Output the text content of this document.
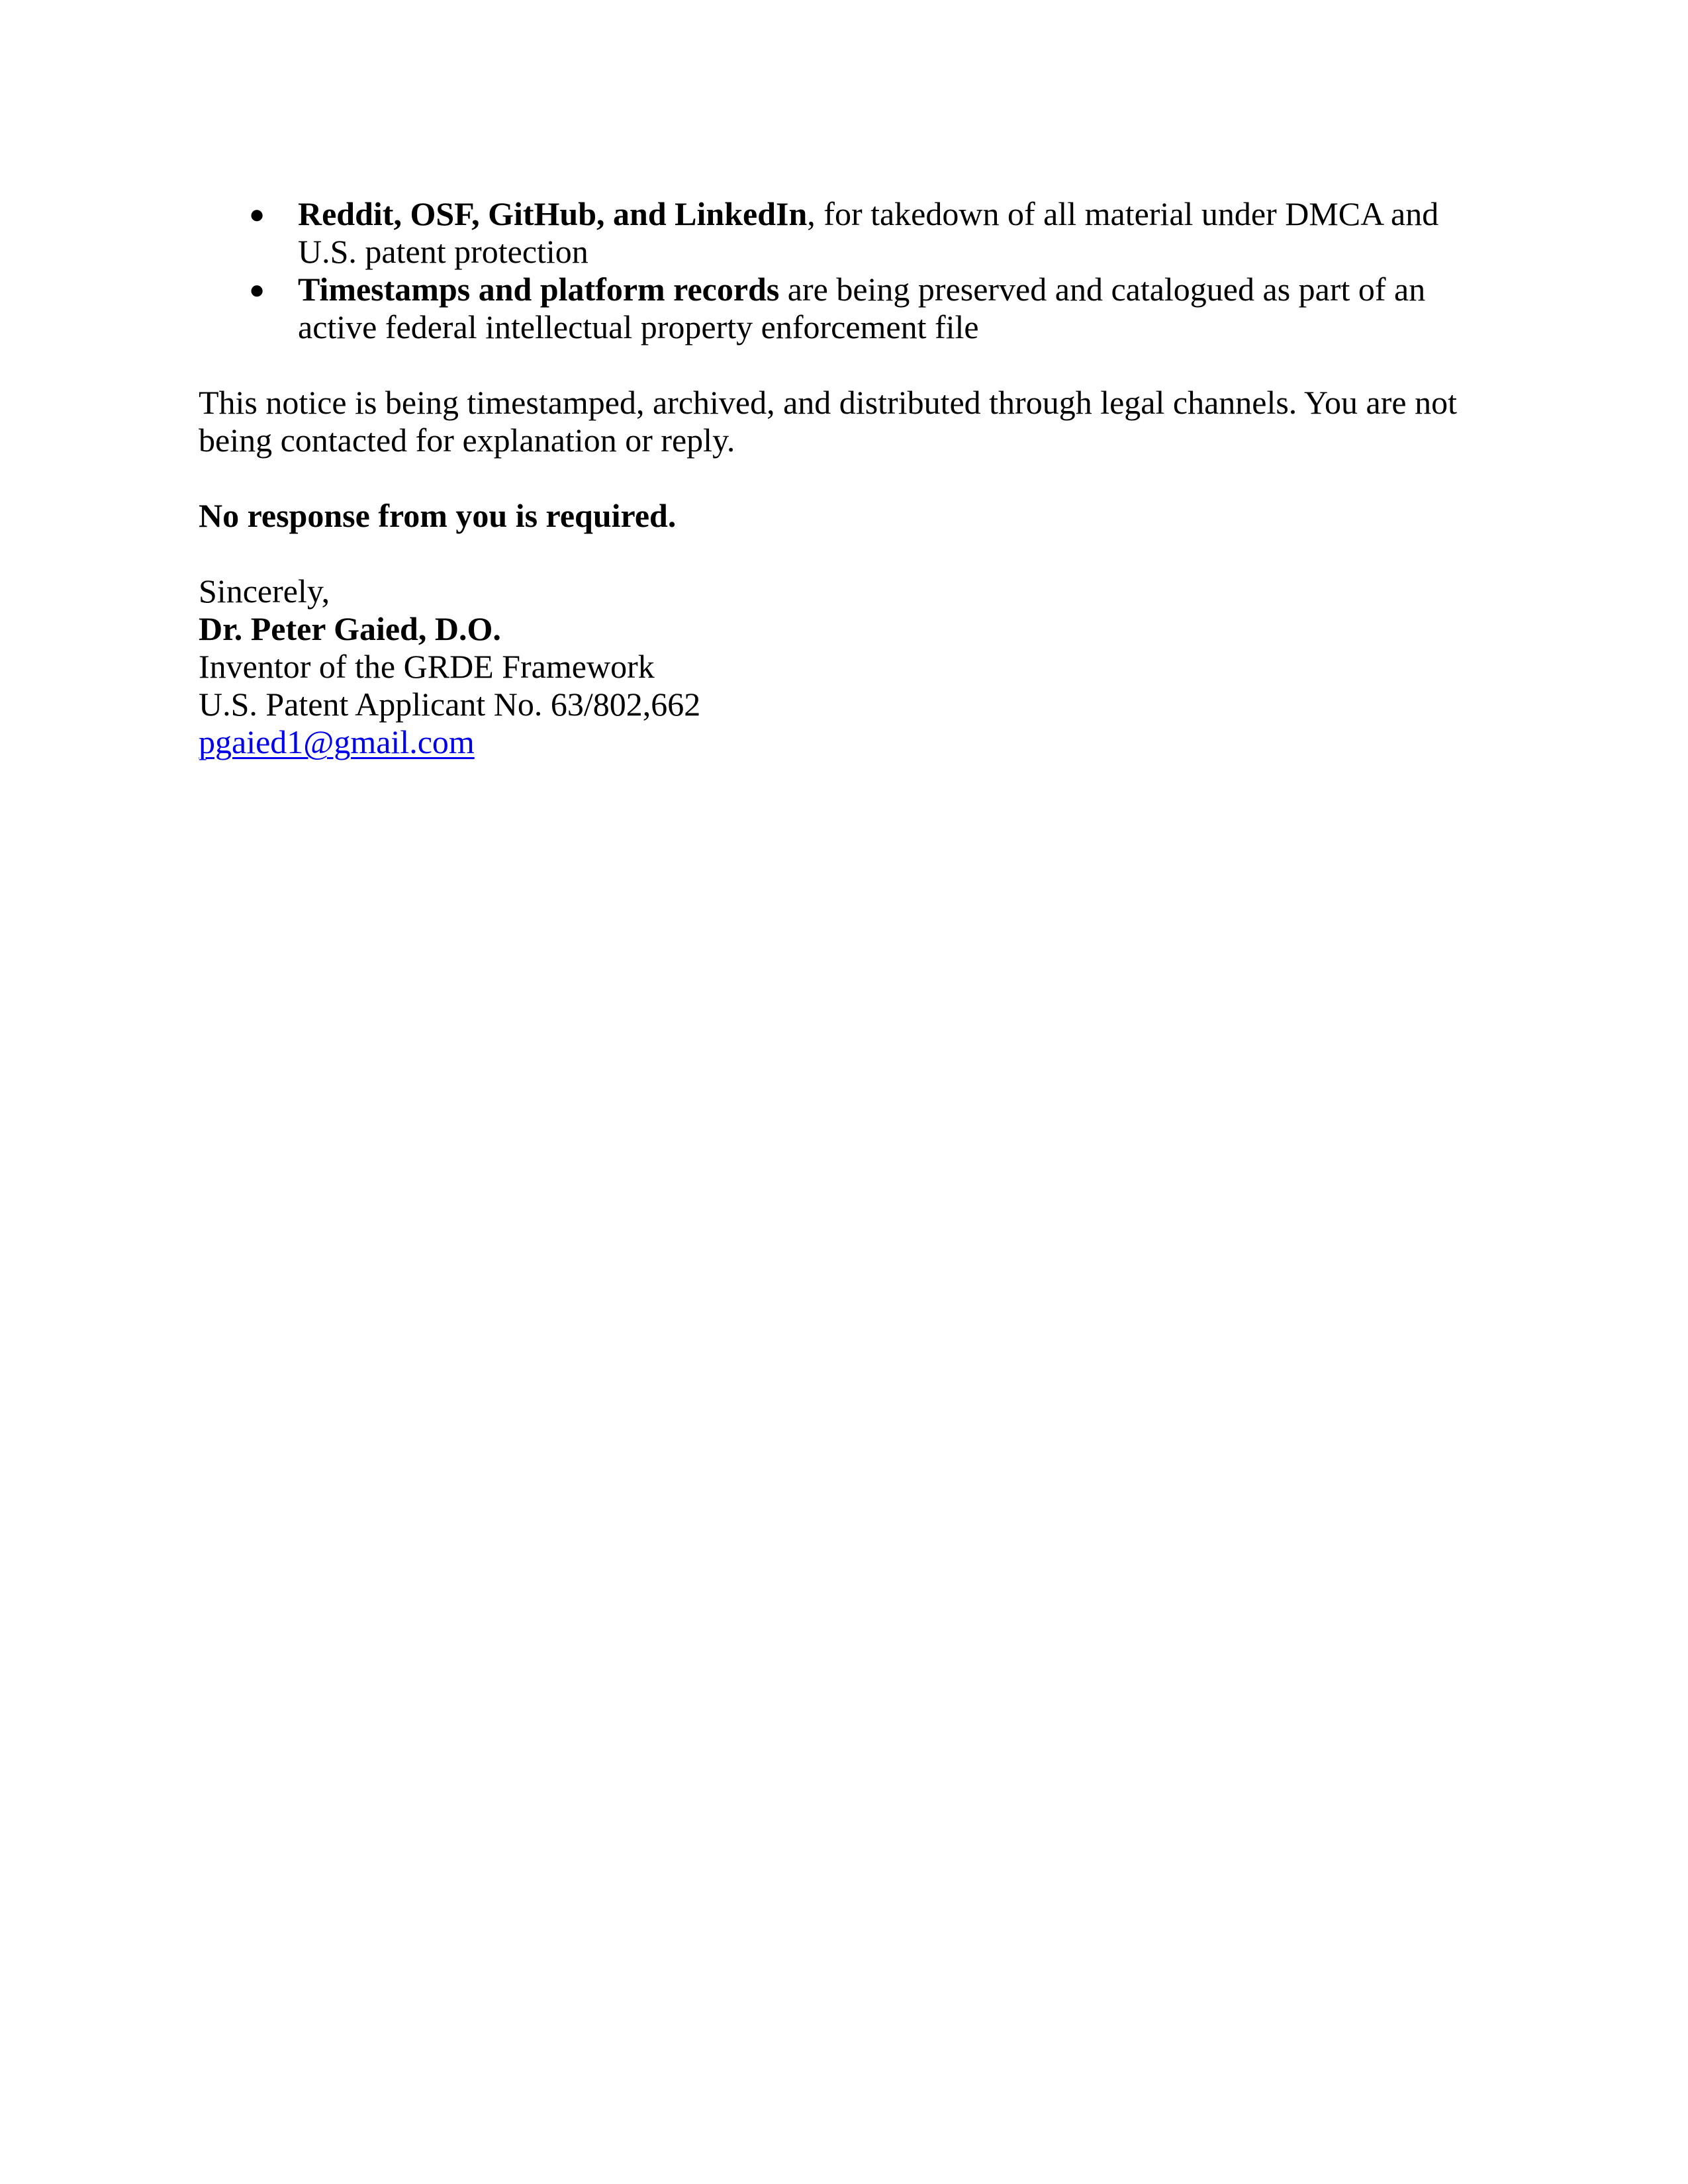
● Reddit, OSF, GitHub, and LinkedIn, for takedown of all material under DMCA and U.S. patent protection
● Timestamps and platform records are being preserved and catalogued as part of an active federal intellectual property enforcement file

This notice is being timestamped, archived, and distributed through legal channels. You are not being contacted for explanation or reply.

No response from you is required.

Sincerely,

Dr. Peter Gaied, D.O.

Inventor of the GRDE Framework

U.S. Patent Applicant No. 63/802,662

pgaied1@gmail.com
